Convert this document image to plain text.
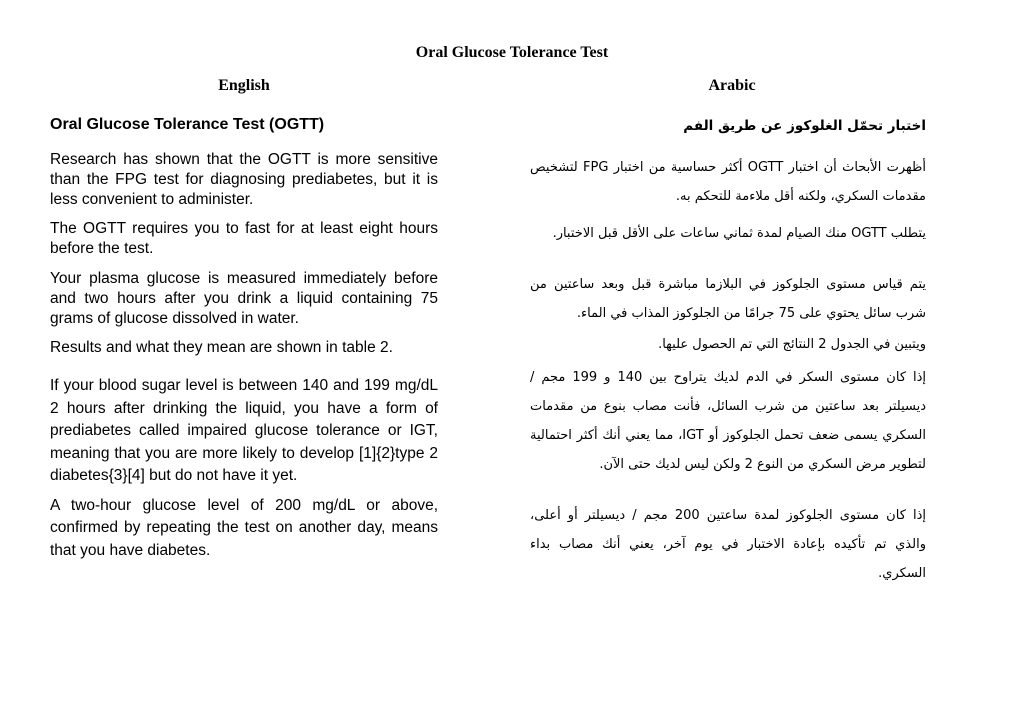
Oral Glucose Tolerance Test
English	Arabic
Oral Glucose Tolerance Test (OGTT)

Research has shown that the OGTT is more sensitive than the FPG test for diagnosing prediabetes, but it is less convenient to administer.

The OGTT requires you to fast for at least eight hours before the test.

Your plasma glucose is measured immediately before and two hours after you drink a liquid containing 75 grams of glucose dissolved in water.

Results and what they mean are shown in table 2.

If your blood sugar level is between 140 and 199 mg/dL 2 hours after drinking the liquid, you have a form of prediabetes called impaired glucose tolerance or IGT, meaning that you are more likely to develop [1]{2}type 2 diabetes{3}[4] but do not have it yet.

A two-hour glucose level of 200 mg/dL or above, confirmed by repeating the test on another day, means that you have diabetes.

اختبار تحمّل الغلوكوز عن طريق الفم

أظهرت الأبحاث أن اختبار OGTT أكثر حساسية من اختبار FPG لتشخيص مقدمات السكري، ولكنه أقل ملاءمة للتحكم به.

يتطلب OGTT منك الصيام لمدة ثماني ساعات على الأقل قبل الاختبار.

يتم قياس مستوى الجلوكوز في البلازما مباشرة قبل وبعد ساعتين من شرب سائل يحتوي على 75 جرامًا من الجلوكوز المذاب في الماء.

ويتبين في الجدول 2 النتائج التي تم الحصول عليها.

إذا كان مستوى السكر في الدم لديك يتراوح بين 140 و 199 مجم / ديسيلتر بعد ساعتين من شرب السائل، فأنت مصاب بنوع من مقدمات السكري يسمى ضعف تحمل الجلوكوز أو IGT، مما يعني أنك أكثر احتمالية لتطوير مرض السكري من النوع 2 ولكن ليس لديك حتى الآن.

إذا كان مستوى الجلوكوز لمدة ساعتين 200 مجم / ديسيلتر أو أعلى، والذي تم تأكيده بإعادة الاختبار في يوم آخر، يعني أنك مصاب بداء السكري.
